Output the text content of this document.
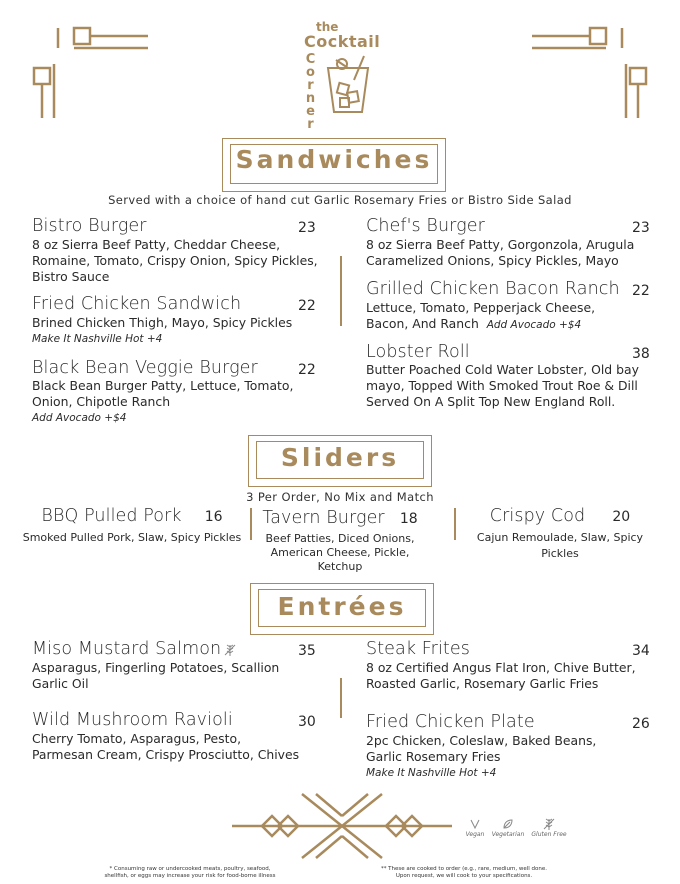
the
Cocktail
Corner
Sandwiches
Served with a choice of hand cut Garlic Rosemary Fries or Bistro Side Salad
Bistro Burger	23
8 oz Sierra Beef Patty, Cheddar Cheese,
Romaine, Tomato, Crispy Onion, Spicy Pickles,
Bistro Sauce
Fried Chicken Sandwich	22
Brined Chicken Thigh, Mayo, Spicy Pickles
Make It Nashville Hot +4
Black Bean Veggie Burger	22
Black Bean Burger Patty, Lettuce, Tomato,
Onion, Chipotle Ranch
Add Avocado +$4
Chef's Burger	23
8 oz Sierra Beef Patty, Gorgonzola, Arugula
Caramelized Onions, Spicy Pickles, Mayo
Grilled Chicken Bacon Ranch 22
Lettuce, Tomato, Pepperjack Cheese,
Bacon, And Ranch Add Avocado +$4
Lobster Roll	38
Butter Poached Cold Water Lobster, Old bay
mayo, Topped With Smoked Trout Roe & Dill
Served On A Split Top New England Roll.
Sliders
3 Per Order, No Mix and Match
BBQ Pulled Pork 16
Smoked Pulled Pork, Slaw, Spicy Pickles
Tavern Burger 18
Beef Patties, Diced Onions,
American Cheese, Pickle, Ketchup
Crispy Cod 20
Cajun Remoulade, Slaw, Spicy Pickles
Entrées
Miso Mustard Salmon	35
Asparagus, Fingerling Potatoes, Scallion
Garlic Oil
Wild Mushroom Ravioli	30
Cherry Tomato, Asparagus, Pesto,
Parmesan Cream, Crispy Prosciutto, Chives
Steak Frites	34
8 oz Certified Angus Flat Iron, Chive Butter,
Roasted Garlic, Rosemary Garlic Fries
Fried Chicken Plate	26
2pc Chicken, Coleslaw, Baked Beans,
Garlic Rosemary Fries
Make It Nashville Hot +4
Vegan	Vegetarian	Gluten Free
* Consuming raw or undercooked meats, poultry, seafood,
shellfish, or eggs may increase your risk for food-borne illness
** These are cooked to order (e.g., rare, medium, well done.
Upon request, we will cook to your specifications.
